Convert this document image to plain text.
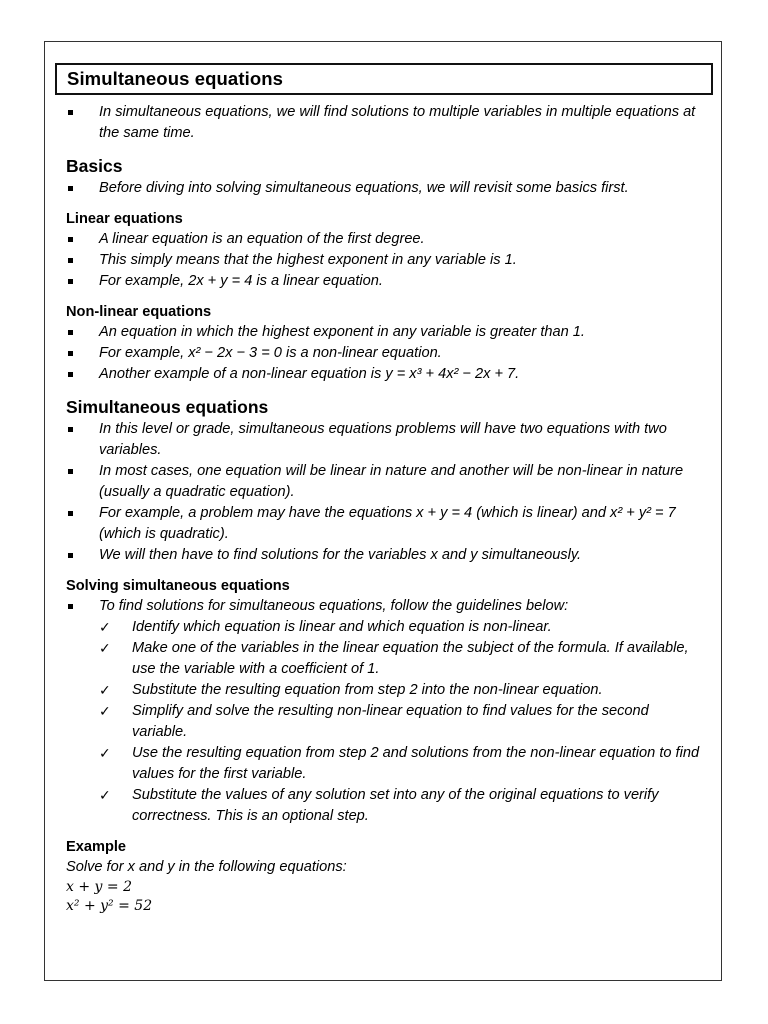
Simultaneous equations
In simultaneous equations, we will find solutions to multiple variables in multiple equations at the same time.
Basics
Before diving into solving simultaneous equations, we will revisit some basics first.
Linear equations
A linear equation is an equation of the first degree.
This simply means that the highest exponent in any variable is 1.
For example, 2x + y = 4 is a linear equation.
Non-linear equations
An equation in which the highest exponent in any variable is greater than 1.
For example, x² − 2x − 3 = 0 is a non-linear equation.
Another example of a non-linear equation is y = x³ + 4x² − 2x + 7.
Simultaneous equations
In this level or grade, simultaneous equations problems will have two equations with two variables.
In most cases, one equation will be linear in nature and another will be non-linear in nature (usually a quadratic equation).
For example, a problem may have the equations x + y = 4 (which is linear) and x² + y² = 7 (which is quadratic).
We will then have to find solutions for the variables x and y simultaneously.
Solving simultaneous equations
To find solutions for simultaneous equations, follow the guidelines below:
✓ Identify which equation is linear and which equation is non-linear.
✓ Make one of the variables in the linear equation the subject of the formula. If available, use the variable with a coefficient of 1.
✓ Substitute the resulting equation from step 2 into the non-linear equation.
✓ Simplify and solve the resulting non-linear equation to find values for the second variable.
✓ Use the resulting equation from step 2 and solutions from the non-linear equation to find values for the first variable.
✓ Substitute the values of any solution set into any of the original equations to verify correctness. This is an optional step.
Example
Solve for x and y in the following equations:
x + y = 2
x² + y² = 52
